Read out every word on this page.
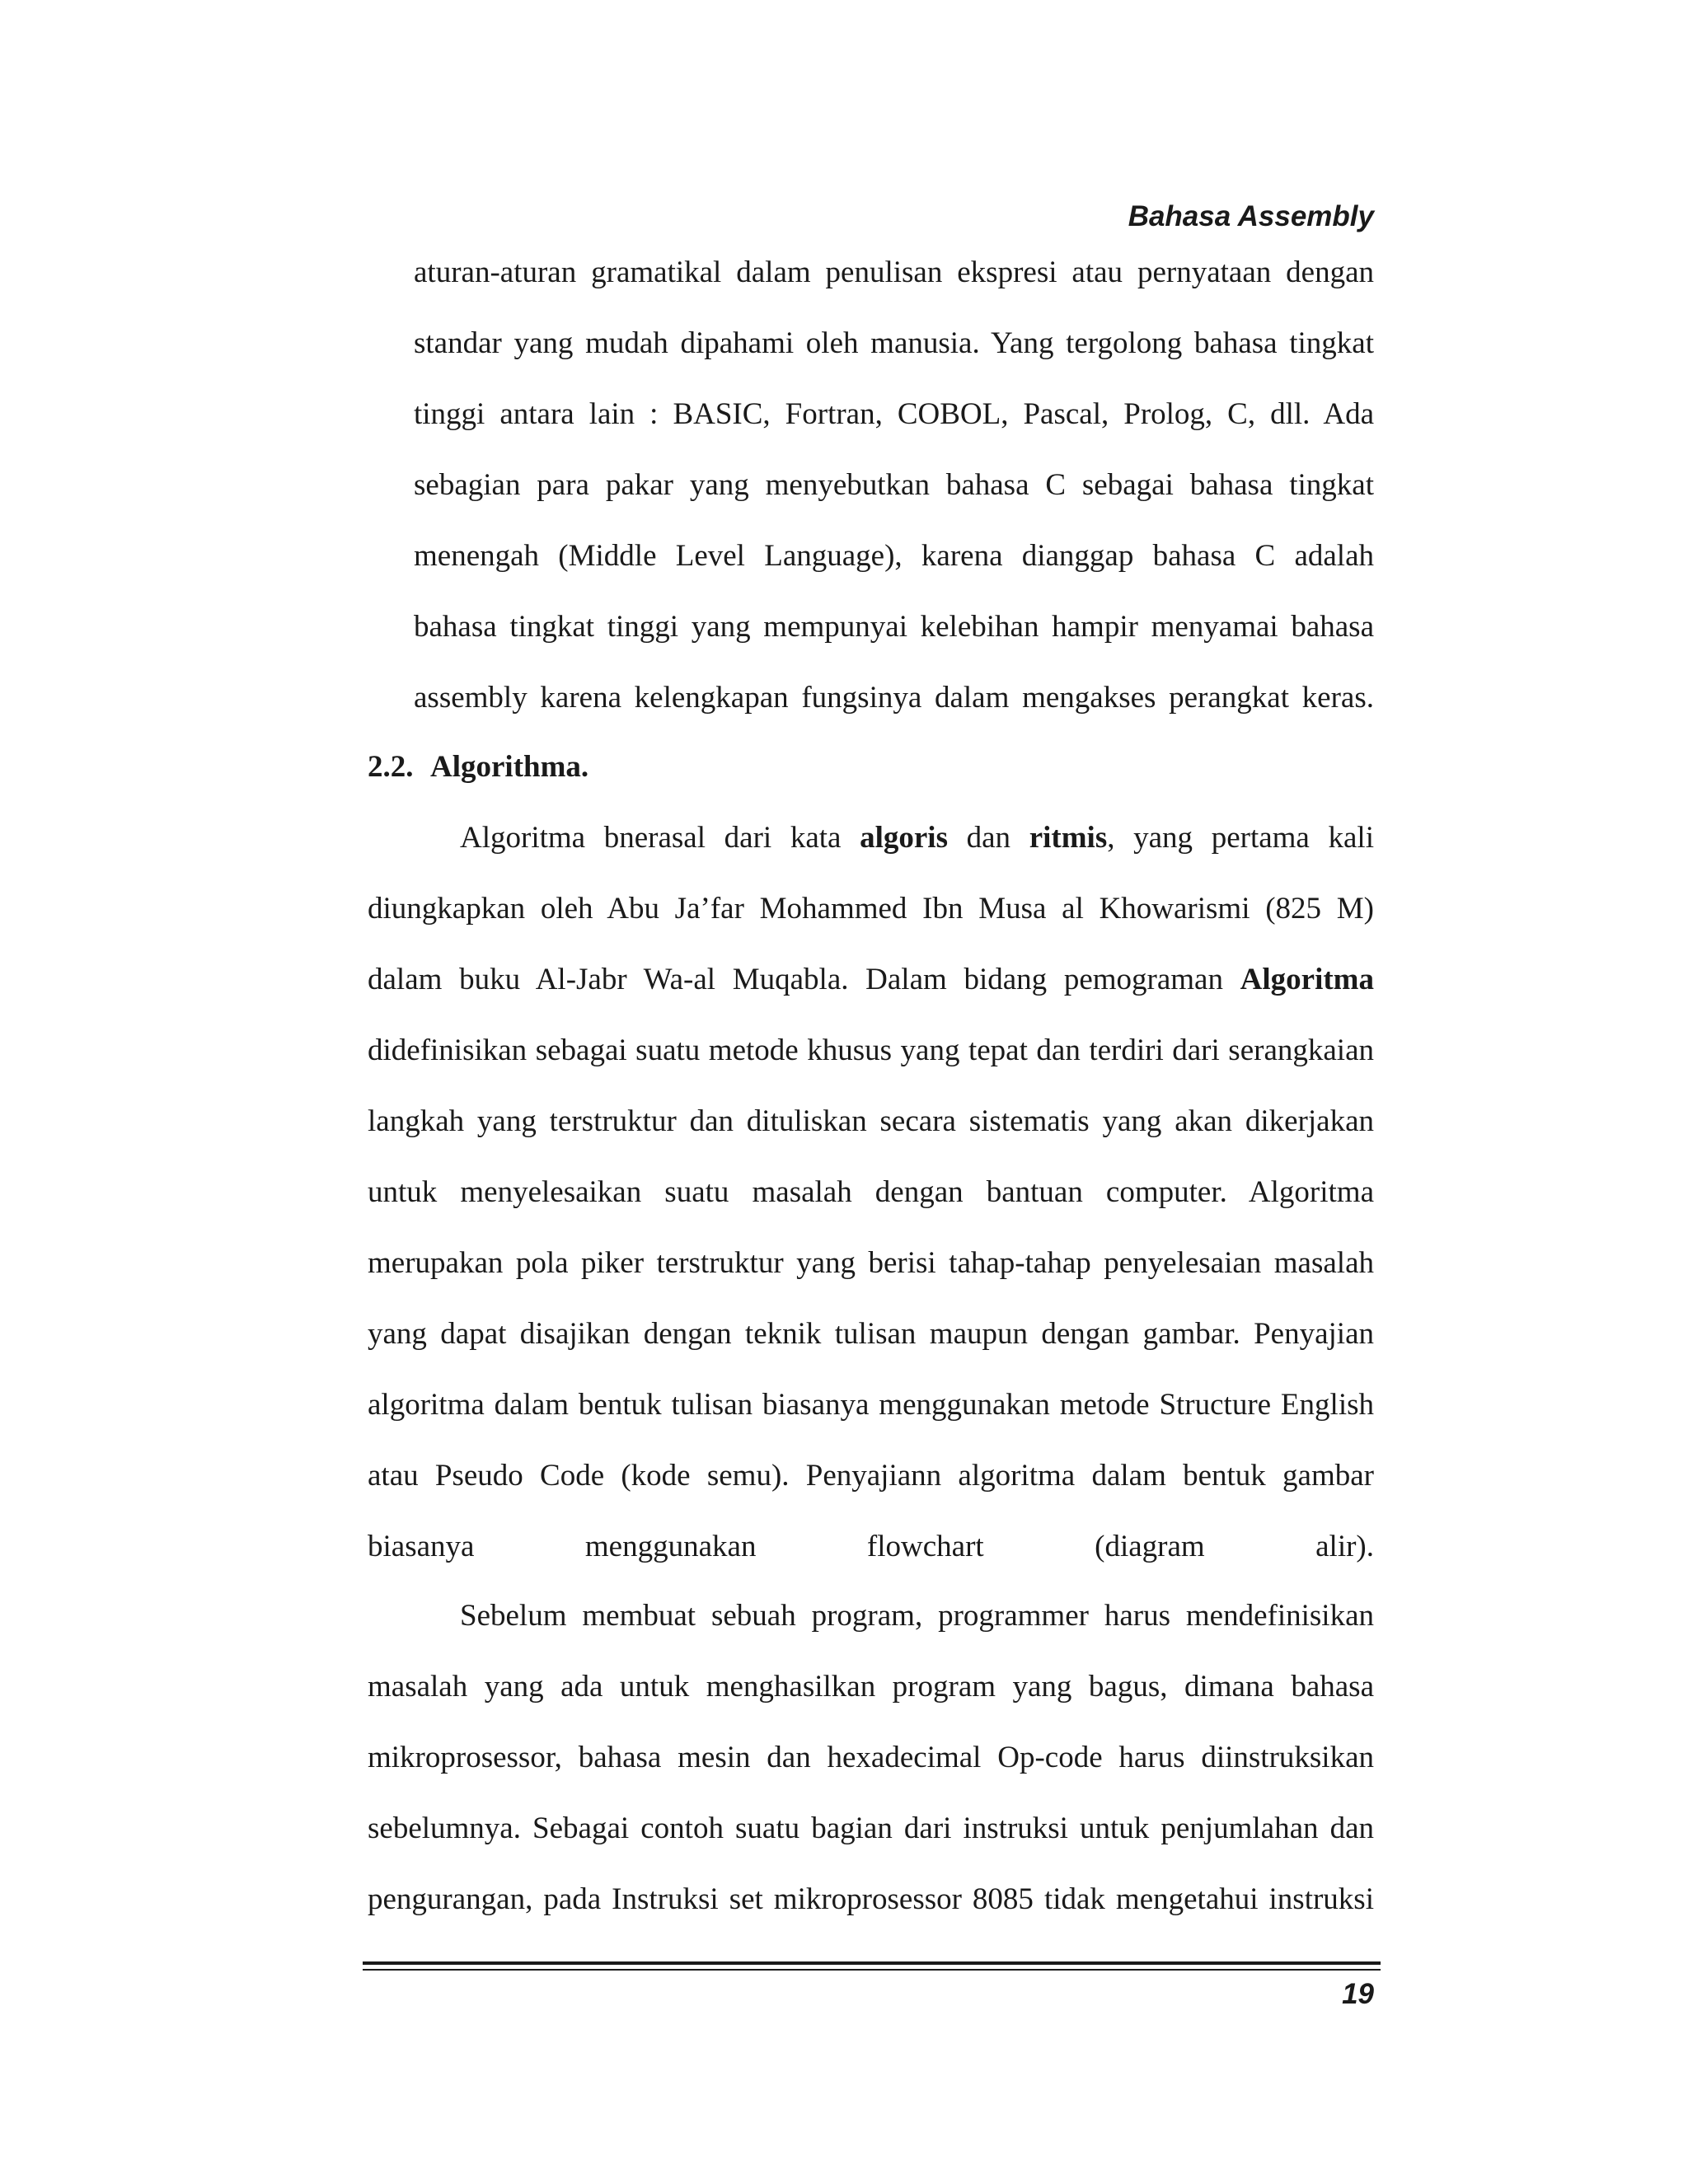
Bahasa Assembly
aturan-aturan gramatikal dalam penulisan ekspresi atau pernyataan dengan
standar yang mudah dipahami oleh manusia. Yang tergolong bahasa tingkat
tinggi antara lain : BASIC, Fortran, COBOL, Pascal, Prolog, C, dll. Ada
sebagian para pakar yang menyebutkan bahasa C sebagai bahasa tingkat
menengah (Middle Level Language), karena dianggap bahasa C adalah
bahasa tingkat tinggi yang mempunyai kelebihan hampir menyamai bahasa
assembly karena kelengkapan fungsinya dalam mengakses perangkat keras.
2.2. Algorithma.
Algoritma bnerasal dari kata algoris dan ritmis, yang pertama kali
diungkapkan oleh Abu Ja’far Mohammed Ibn Musa al Khowarismi (825 M)
dalam buku Al-Jabr Wa-al Muqabla. Dalam bidang pemograman Algoritma
didefinisikan sebagai suatu metode khusus yang tepat dan terdiri dari serangkaian
langkah yang terstruktur dan dituliskan secara sistematis yang akan dikerjakan
untuk menyelesaikan suatu masalah dengan bantuan computer. Algoritma
merupakan pola piker terstruktur yang berisi tahap-tahap penyelesaian masalah
yang dapat disajikan dengan teknik tulisan maupun dengan gambar. Penyajian
algoritma dalam bentuk tulisan biasanya menggunakan metode Structure English
atau Pseudo Code (kode semu). Penyajiann algoritma dalam bentuk gambar
biasanya menggunakan flowchart (diagram alir).
Sebelum membuat sebuah program, programmer harus mendefinisikan
masalah yang ada untuk menghasilkan program yang bagus, dimana bahasa
mikroprosessor, bahasa mesin dan hexadecimal Op-code harus diinstruksikan
sebelumnya. Sebagai contoh suatu bagian dari instruksi untuk penjumlahan dan
pengurangan, pada Instruksi set mikroprosessor 8085 tidak mengetahui instruksi
19
